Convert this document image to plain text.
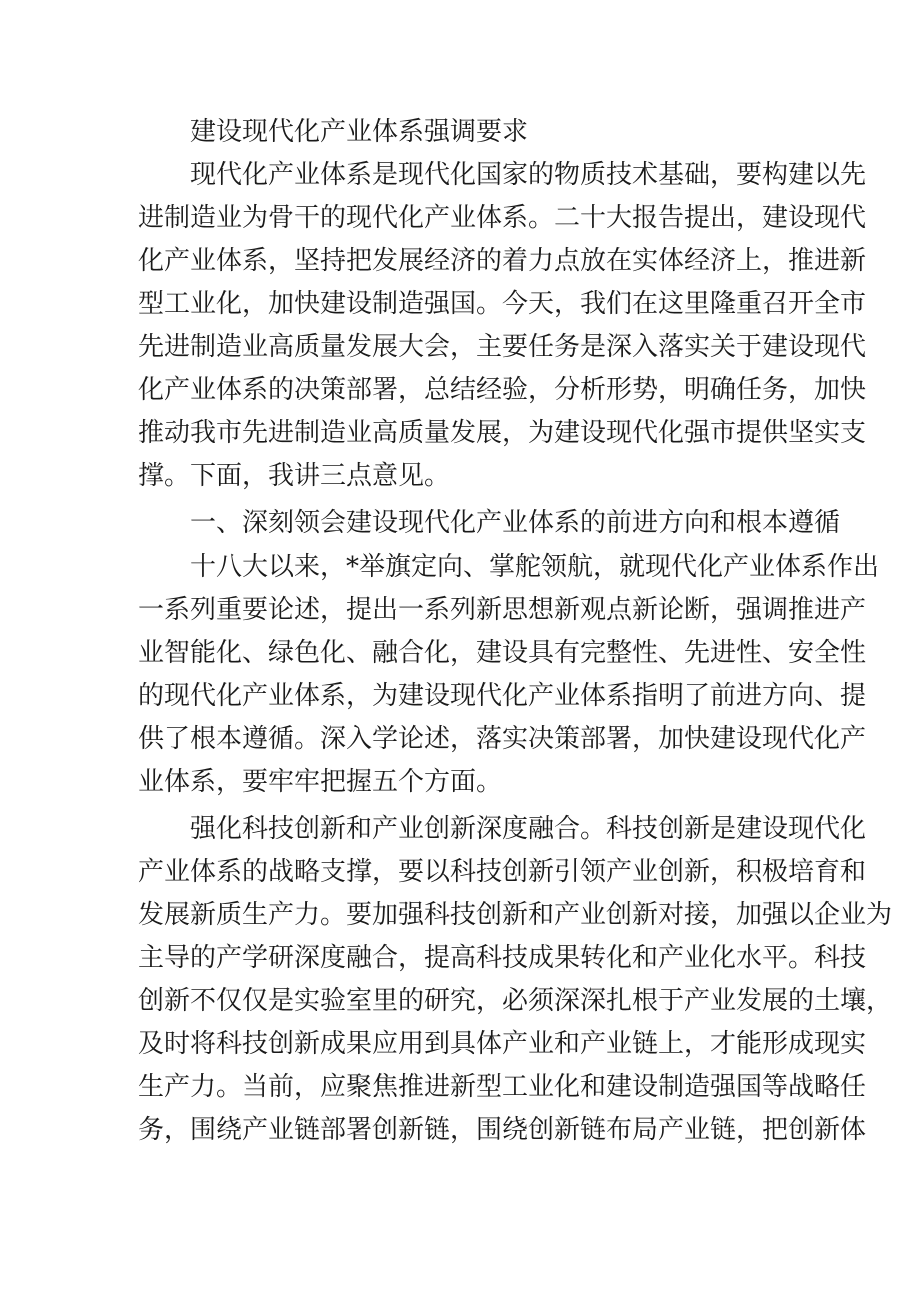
建设现代化产业体系强调要求
现代化产业体系是现代化国家的物质技术基础，要构建以先
进制造业为骨干的现代化产业体系。二十大报告提出，建设现代
化产业体系，坚持把发展经济的着力点放在实体经济上，推进新
型工业化，加快建设制造强国。今天，我们在这里隆重召开全市
先进制造业高质量发展大会，主要任务是深入落实关于建设现代
化产业体系的决策部署，总结经验，分析形势，明确任务，加快
推动我市先进制造业高质量发展，为建设现代化强市提供坚实支
撑。下面，我讲三点意见。
一、深刻领会建设现代化产业体系的前进方向和根本遵循
十八大以来，*举旗定向、掌舵领航，就现代化产业体系作出
一系列重要论述，提出一系列新思想新观点新论断，强调推进产
业智能化、绿色化、融合化，建设具有完整性、先进性、安全性
的现代化产业体系，为建设现代化产业体系指明了前进方向、提
供了根本遵循。深入学论述，落实决策部署，加快建设现代化产
业体系，要牢牢把握五个方面。
强化科技创新和产业创新深度融合。科技创新是建设现代化
产业体系的战略支撑，要以科技创新引领产业创新，积极培育和
发展新质生产力。要加强科技创新和产业创新对接，加强以企业为
主导的产学研深度融合，提高科技成果转化和产业化水平。科技
创新不仅仅是实验室里的研究，必须深深扎根于产业发展的土壤，
及时将科技创新成果应用到具体产业和产业链上，才能形成现实
生产力。当前，应聚焦推进新型工业化和建设制造强国等战略任
务，围绕产业链部署创新链，围绕创新链布局产业链，把创新体
